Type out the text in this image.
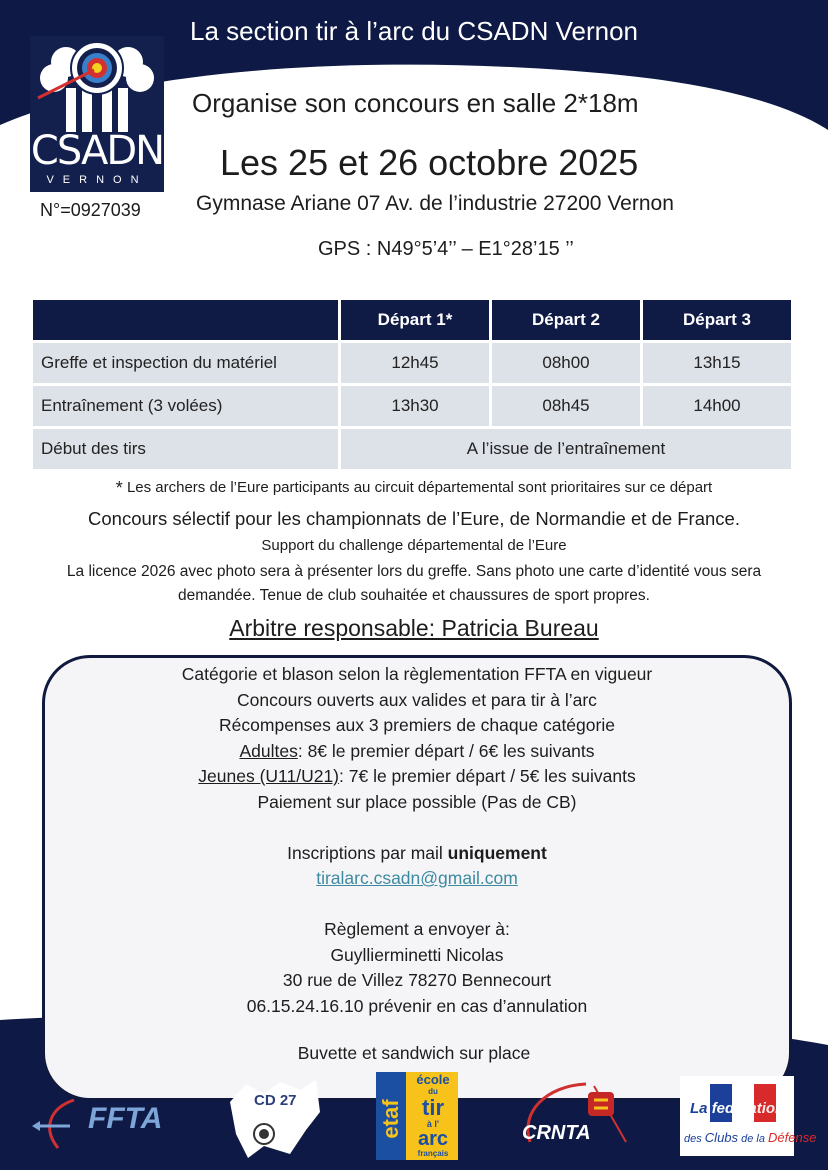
La section tir à l’arc du CSADN Vernon
CSADN
VERNON
N°=0927039
Organise son concours en salle 2*18m
Les 25 et 26 octobre 2025
Gymnase Ariane 07 Av. de l’industrie 27200 Vernon
GPS : N49°5’4’’ – E1°28’15 ’’
	Départ 1*	Départ 2	Départ 3
Greffe et inspection du matériel	12h45	08h00	13h15
Entraînement (3 volées)	13h30	08h45	14h00
Début des tirs	A l’issue de l’entraînement		
* Les archers de l’Eure participants au circuit départemental sont prioritaires sur ce départ
Concours sélectif pour les championnats de l’Eure, de Normandie et de France.
Support du challenge départemental de l’Eure
La licence 2026 avec photo sera à présenter lors du greffe. Sans photo une carte d’identité vous sera
demandée. Tenue de club souhaitée et chaussures de sport propres.
Arbitre responsable: Patricia Bureau
Catégorie et blason selon la règlementation FFTA en vigueur
Concours ouverts aux valides et para tir à l’arc
Récompenses aux 3 premiers de chaque catégorie
Adultes: 8€ le premier départ / 6€ les suivants
Jeunes (U11/U21): 7€ le premier départ / 5€ les suivants
Paiement sur place possible (Pas de CB)
Inscriptions par mail uniquement
tiralarc.csadn@gmail.com
Règlement a envoyer à:
Guyllierminetti Nicolas
30 rue de Villez 78270 Bennecourt
06.15.24.16.10 prévenir en cas d’annulation
Buvette et sandwich sur place
FFTA
CD 27	etaf
école
du
tir
à l'
arc
français
CRNTA
La federation
des Clubs de la Défense
